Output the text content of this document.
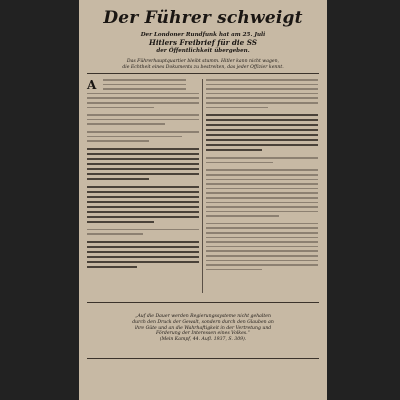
Der Führer schweigt
Der Londoner Rundfunk hat am 25. Juli
Hitlers Freibrief für die SS
der Öffentlichkeit übergeben.
Das Führerhauptquartier bleibt stumm. Hitler kann nicht wagen,
die Echtheit eines Dokuments zu bestreiten, das jeder Offizier kennt.
A
„Auf die Dauer werden Regierungssysteme nicht gehalten
durch den Druck der Gewalt, sondern durch den Glauben an
ihre Güte und an die Wahrhaftigkeit in der Vertretung und
Förderung der Interessen eines Volkes.“
(Mein Kampf, 44. Aufl. 1937, S. 309).
